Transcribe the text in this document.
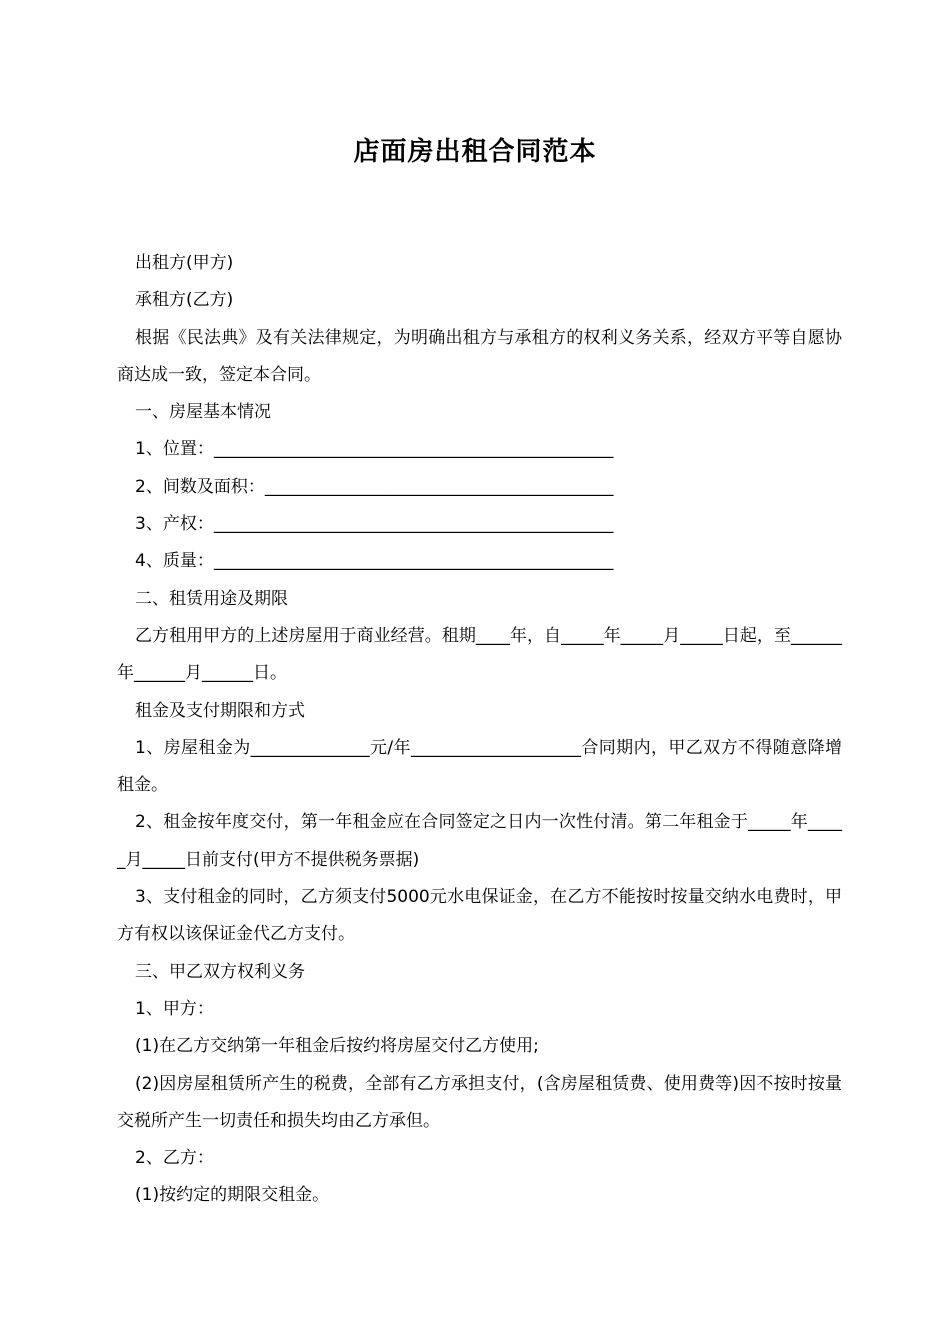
店面房出租合同范本

出租方(甲方)

承租方(乙方)

根据《民法典》及有关法律规定，为明确出租方与承租方的权利义务关系，经双方平等自愿协商达成一致，签定本合同。

一、房屋基本情况

1、位置：_______________________________________________

2、间数及面积：_________________________________________

3、产权：_______________________________________________

4、质量：_______________________________________________

二、租赁用途及期限

乙方租用甲方的上述房屋用于商业经营。租期____年，自_____年_____月_____日起，至______年______月______日。

租金及支付期限和方式

1、房屋租金为______________元/年____________________合同期内，甲乙双方不得随意降增租金。

2、租金按年度交付，第一年租金应在合同签定之日内一次性付清。第二年租金于_____年_____月_____日前支付(甲方不提供税务票据)

3、支付租金的同时，乙方须支付5000元水电保证金，在乙方不能按时按量交纳水电费时，甲方有权以该保证金代乙方支付。

三、甲乙双方权利义务

1、甲方：

(1)在乙方交纳第一年租金后按约将房屋交付乙方使用;

(2)因房屋租赁所产生的税费，全部有乙方承担支付，(含房屋租赁费、使用费等)因不按时按量交税所产生一切责任和损失均由乙方承但。

2、乙方：

(1)按约定的期限交租金。
